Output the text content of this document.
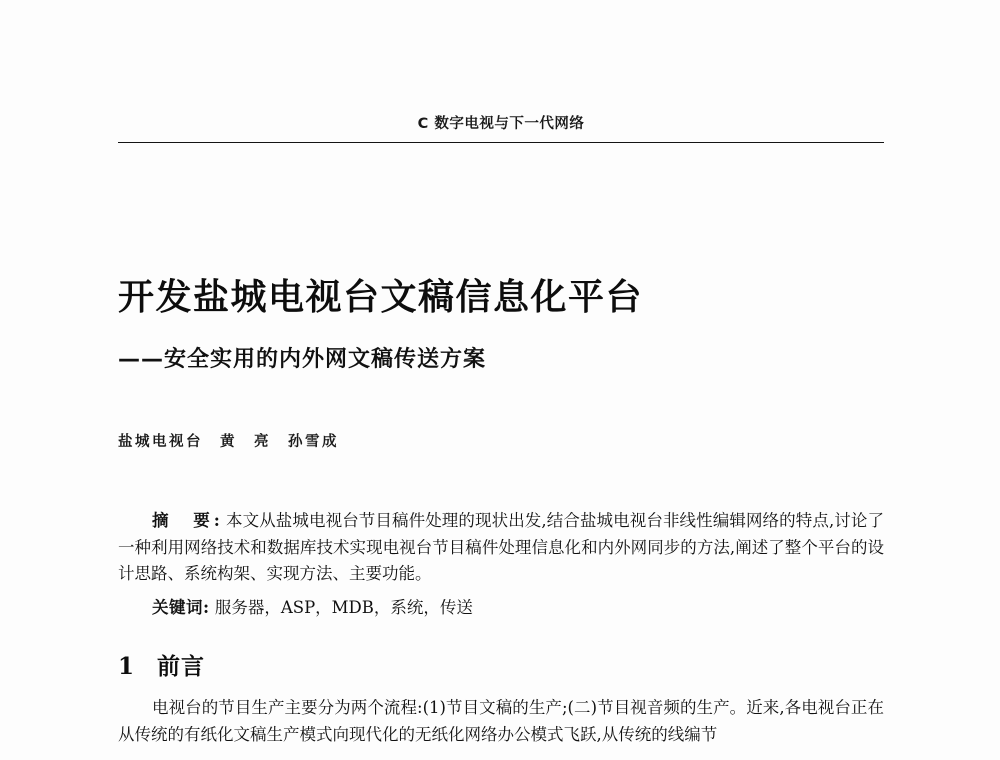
C 数字电视与下一代网络
开发盐城电视台文稿信息化平台
——安全实用的内外网文稿传送方案
盐城电视台　黄　亮　孙雪成
摘　要: 本文从盐城电视台节目稿件处理的现状出发,结合盐城电视台非线性编辑网络的特点,讨论了一种利用网络技术和数据库技术实现电视台节目稿件处理信息化和内外网同步的方法,阐述了整个平台的设计思路、系统构架、实现方法、主要功能。
关键词: 服务器，ASP，MDB，系统，传送
1 前言
电视台的节目生产主要分为两个流程:(1)节目文稿的生产;(二)节目视音频的生产。近来,各电视台正在从传统的有纸化文稿生产模式向现代化的无纸化网络办公模式飞跃,从传统的线编节
